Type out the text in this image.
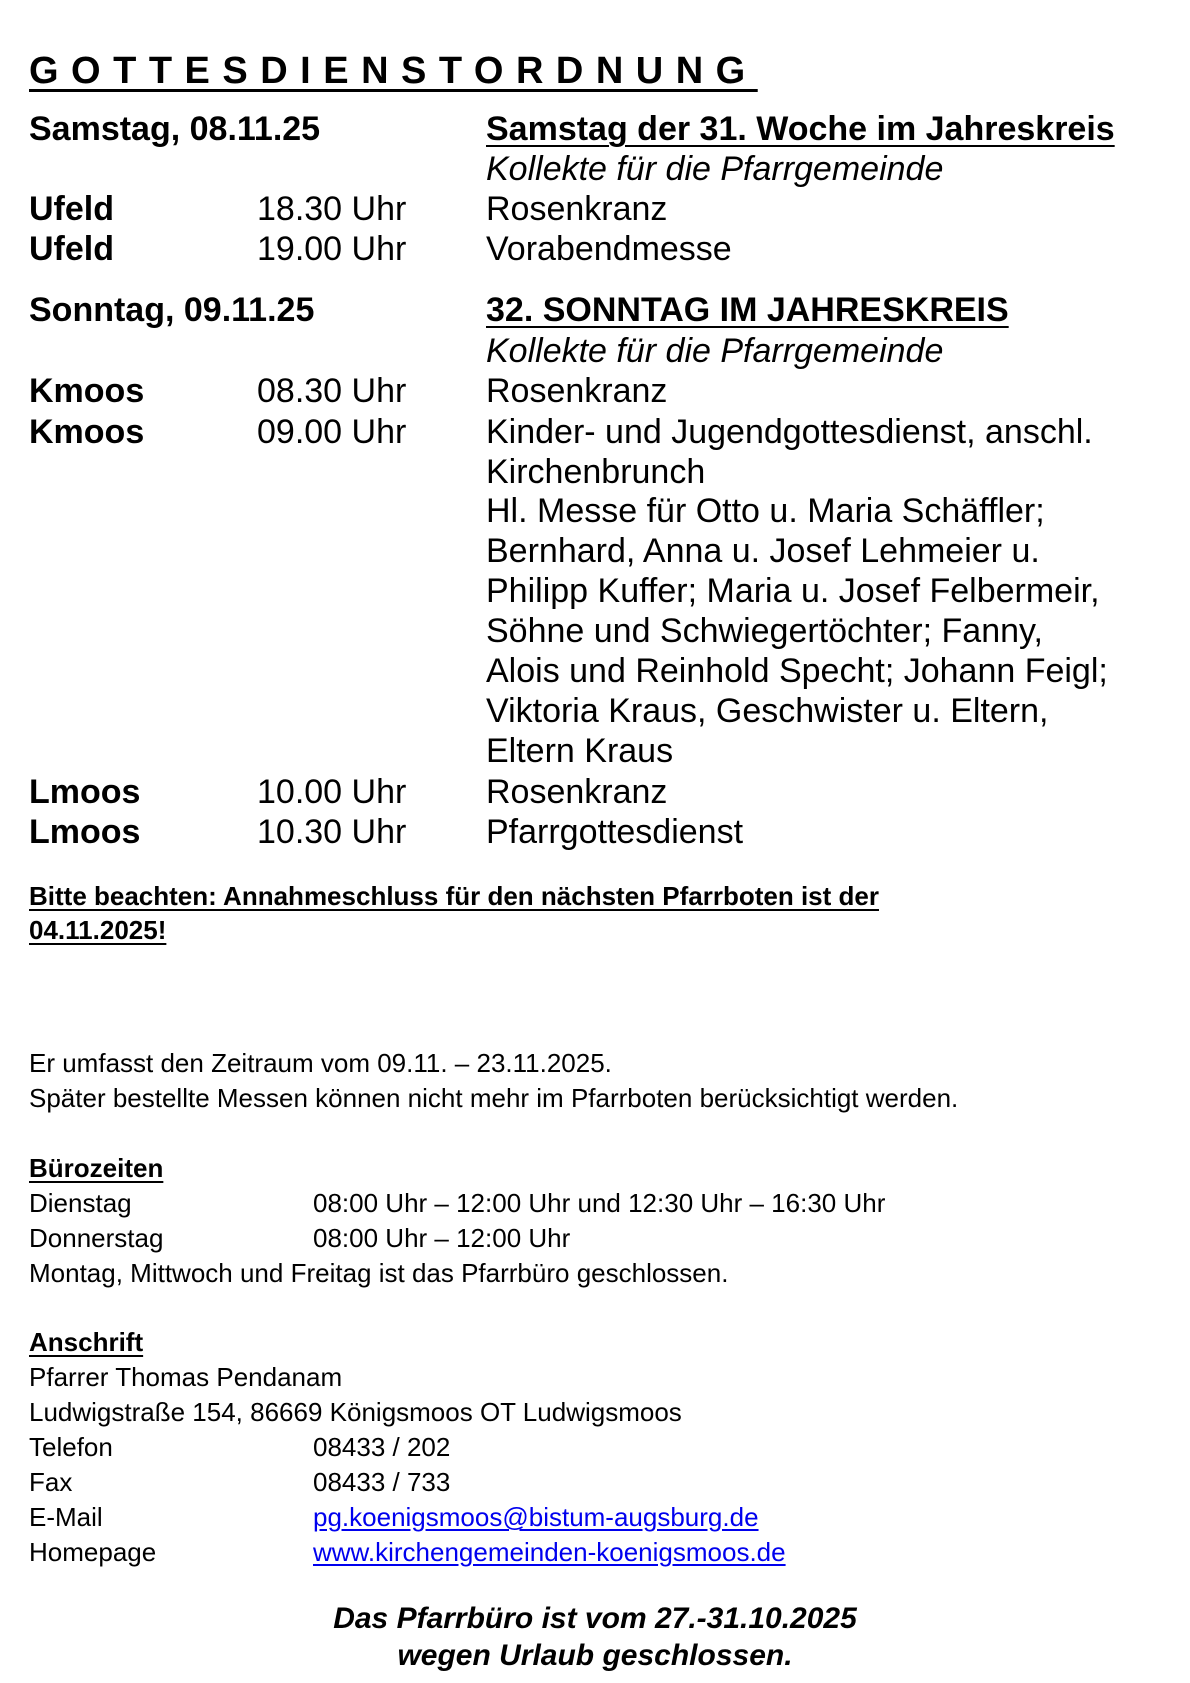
GOTTESDIENSTORDNUNG
Samstag, 08.11.25	Samstag der 31. Woche im Jahreskreis
Kollekte für die Pfarrgemeinde
Ufeld	18.30 Uhr Rosenkranz
Ufeld	19.00 Uhr Vorabendmesse
Sonntag, 09.11.25	32. SONNTAG IM JAHRESKREIS
Kollekte für die Pfarrgemeinde
Kmoos	08.30 Uhr Rosenkranz
Kmoos	09.00 Uhr Kinder- und Jugendgottesdienst, anschl.
Kirchenbrunch
Hl. Messe für Otto u. Maria Schäffler;
Bernhard, Anna u. Josef Lehmeier u.
Philipp Kuffer; Maria u. Josef Felbermeir,
Söhne und Schwiegertöchter; Fanny,
Alois und Reinhold Specht; Johann Feigl;
Viktoria Kraus, Geschwister u. Eltern,
Eltern Kraus
Lmoos	10.00 Uhr Rosenkranz
Lmoos	10.30 Uhr Pfarrgottesdienst
Bitte beachten: Annahmeschluss für den nächsten Pfarrboten ist der
04.11.2025!
Er umfasst den Zeitraum vom 09.11. – 23.11.2025.
Später bestellte Messen können nicht mehr im Pfarrboten berücksichtigt werden.
Bürozeiten
Dienstag	08:00 Uhr – 12:00 Uhr und 12:30 Uhr – 16:30 Uhr
Donnerstag	08:00 Uhr – 12:00 Uhr
Montag, Mittwoch und Freitag ist das Pfarrbüro geschlossen.
Anschrift
Pfarrer Thomas Pendanam
Ludwigstraße 154, 86669 Königsmoos OT Ludwigsmoos
Telefon	08433 / 202
Fax	08433 / 733
E-Mail	pg.koenigsmoos@bistum-augsburg.de
Homepage	www.kirchengemeinden-koenigsmoos.de
Das Pfarrbüro ist vom 27.-31.10.2025
wegen Urlaub geschlossen.
